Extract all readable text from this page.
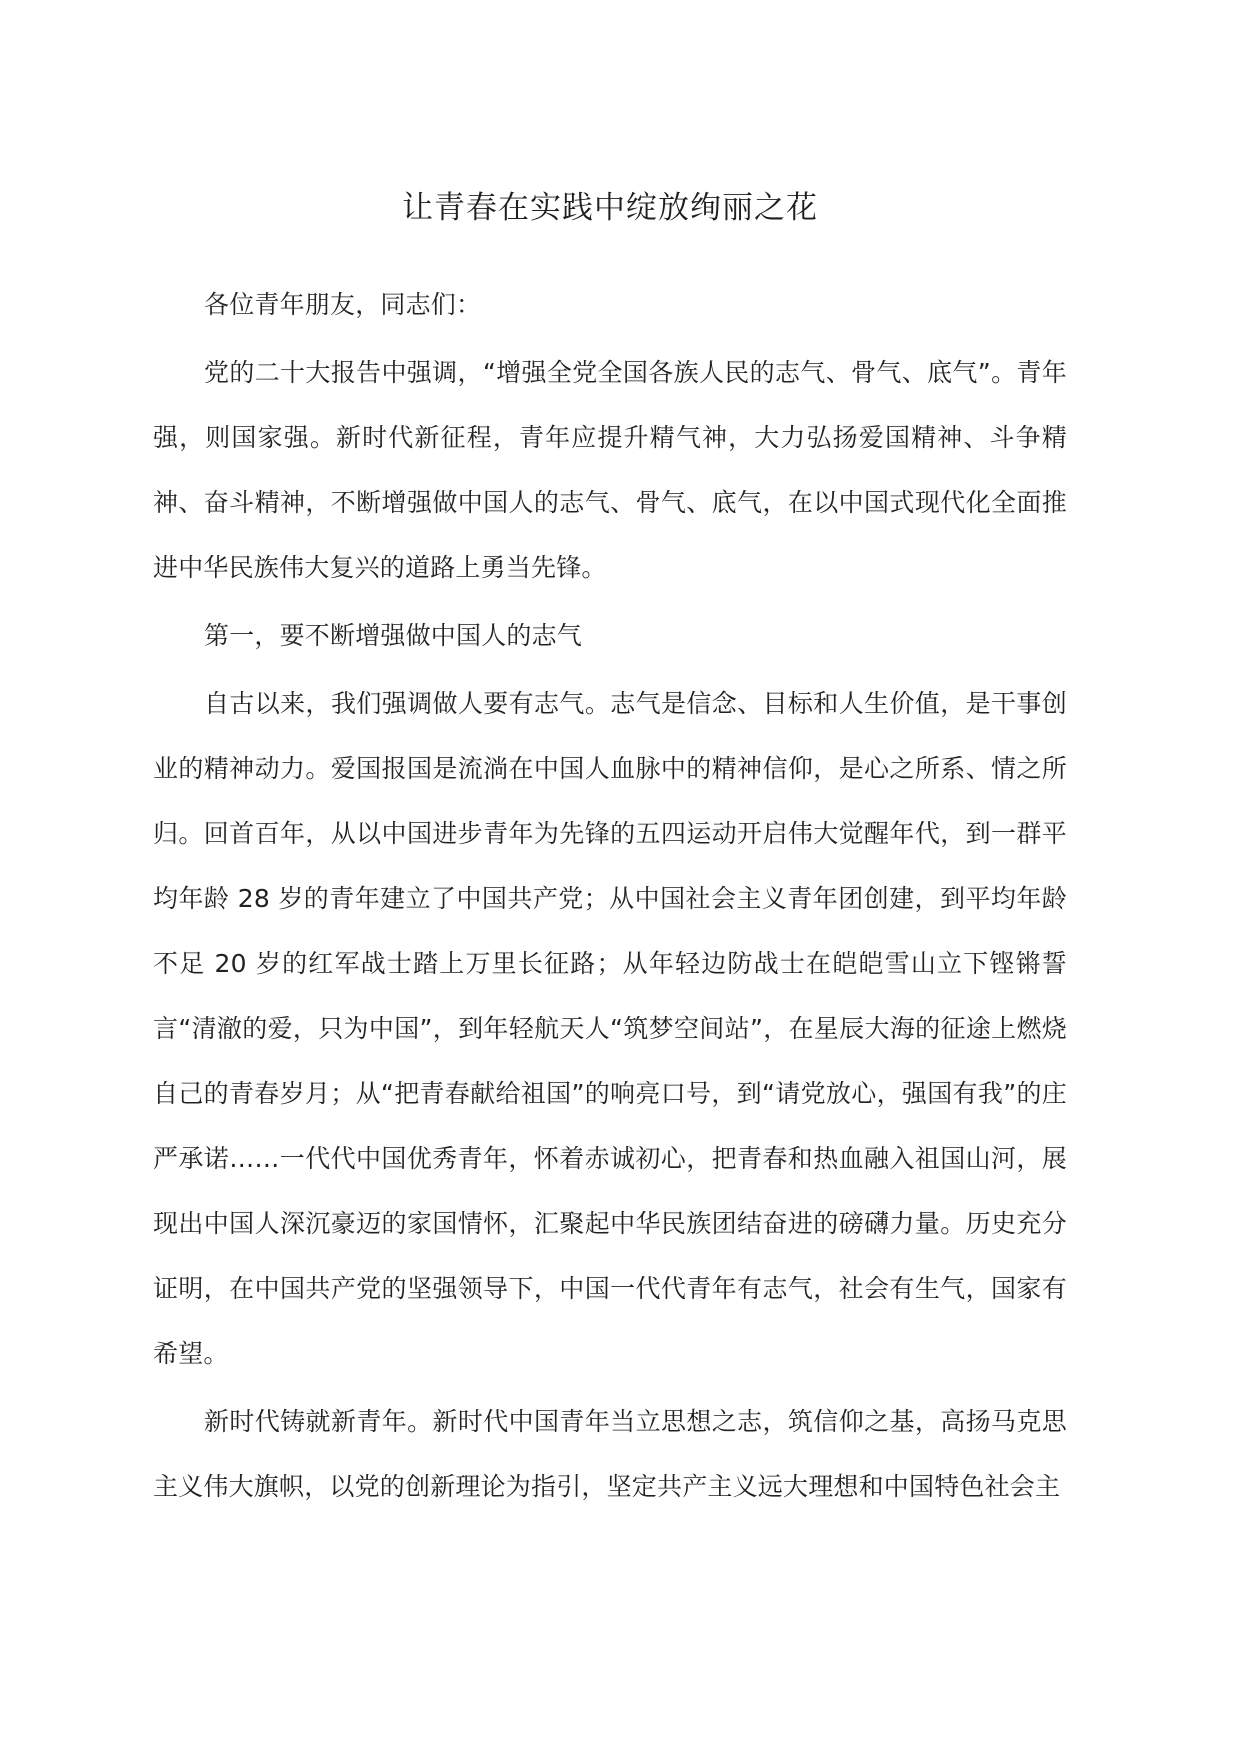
让青春在实践中绽放绚丽之花

各位青年朋友，同志们：

党的二十大报告中强调，“增强全党全国各族人民的志气、骨气、底气”。青年强，则国家强。新时代新征程，青年应提升精气神，大力弘扬爱国精神、斗争精神、奋斗精神，不断增强做中国人的志气、骨气、底气，在以中国式现代化全面推进中华民族伟大复兴的道路上勇当先锋。

第一，要不断增强做中国人的志气

自古以来，我们强调做人要有志气。志气是信念、目标和人生价值，是干事创业的精神动力。爱国报国是流淌在中国人血脉中的精神信仰，是心之所系、情之所归。回首百年，从以中国进步青年为先锋的五四运动开启伟大觉醒年代，到一群平均年龄 28 岁的青年建立了中国共产党；从中国社会主义青年团创建，到平均年龄不足 20 岁的红军战士踏上万里长征路；从年轻边防战士在皑皑雪山立下铿锵誓言“清澈的爱，只为中国”，到年轻航天人“筑梦空间站”，在星辰大海的征途上燃烧自己的青春岁月；从“把青春献给祖国”的响亮口号，到“请党放心，强国有我”的庄严承诺……一代代中国优秀青年，怀着赤诚初心，把青春和热血融入祖国山河，展现出中国人深沉豪迈的家国情怀，汇聚起中华民族团结奋进的磅礴力量。历史充分证明，在中国共产党的坚强领导下，中国一代代青年有志气，社会有生气，国家有希望。

新时代铸就新青年。新时代中国青年当立思想之志，筑信仰之基，高扬马克思主义伟大旗帜，以党的创新理论为指引，坚定共产主义远大理想和中国特色社会主
